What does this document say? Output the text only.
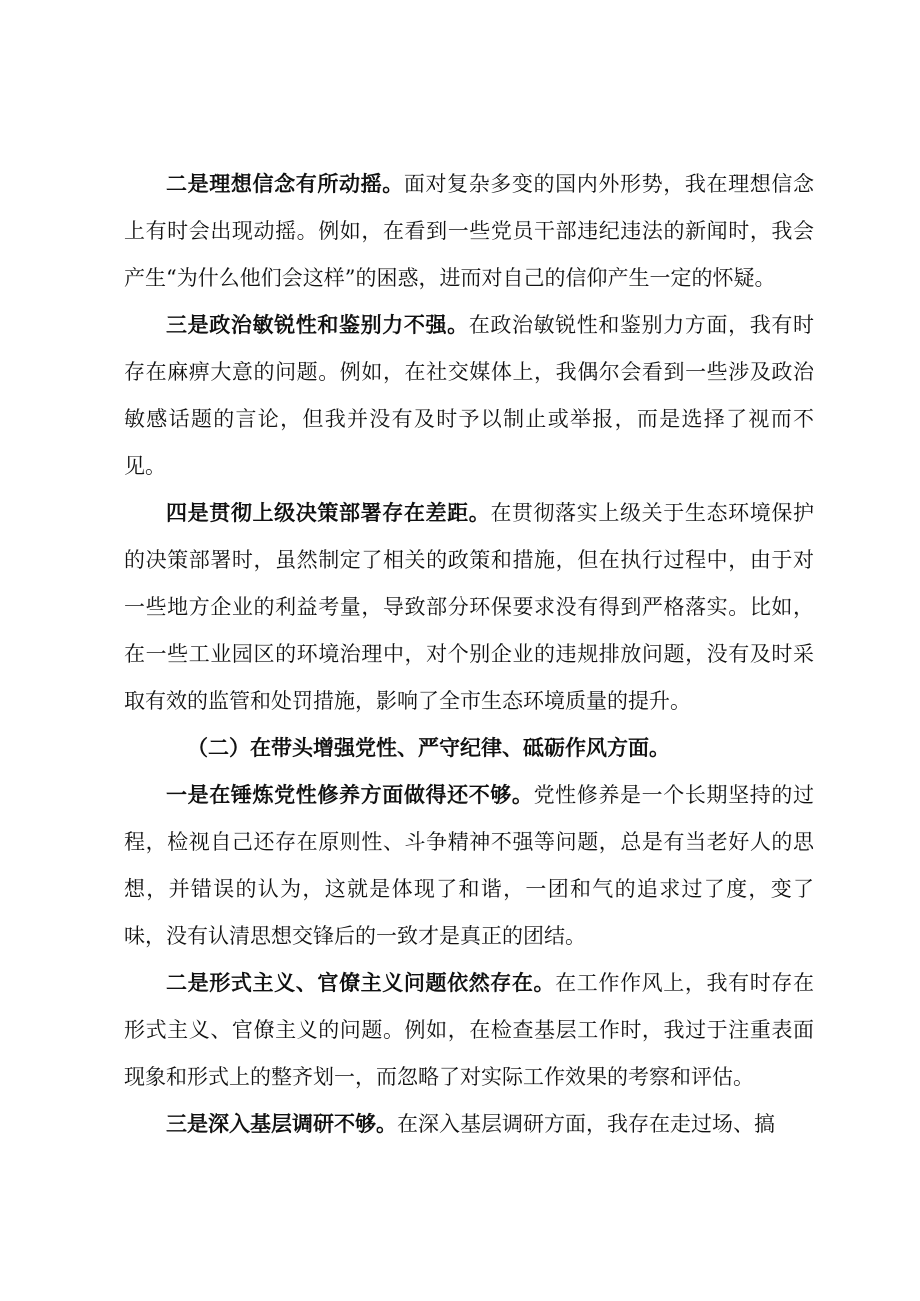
二是理想信念有所动摇。面对复杂多变的国内外形势，我在理想信念上有时会出现动摇。例如，在看到一些党员干部违纪违法的新闻时，我会产生“为什么他们会这样”的困惑，进而对自己的信仰产生一定的怀疑。

三是政治敏锐性和鉴别力不强。在政治敏锐性和鉴别力方面，我有时存在麻痹大意的问题。例如，在社交媒体上，我偶尔会看到一些涉及政治敏感话题的言论，但我并没有及时予以制止或举报，而是选择了视而不见。

四是贯彻上级决策部署存在差距。在贯彻落实上级关于生态环境保护的决策部署时，虽然制定了相关的政策和措施，但在执行过程中，由于对一些地方企业的利益考量，导致部分环保要求没有得到严格落实。比如，在一些工业园区的环境治理中，对个别企业的违规排放问题，没有及时采取有效的监管和处罚措施，影响了全市生态环境质量的提升。

（二）在带头增强党性、严守纪律、砥砺作风方面。

一是在锤炼党性修养方面做得还不够。党性修养是一个长期坚持的过程，检视自己还存在原则性、斗争精神不强等问题，总是有当老好人的思想，并错误的认为，这就是体现了和谐，一团和气的追求过了度，变了味，没有认清思想交锋后的一致才是真正的团结。

二是形式主义、官僚主义问题依然存在。在工作作风上，我有时存在形式主义、官僚主义的问题。例如，在检查基层工作时，我过于注重表面现象和形式上的整齐划一，而忽略了对实际工作效果的考察和评估。

三是深入基层调研不够。在深入基层调研方面，我存在走过场、搞
